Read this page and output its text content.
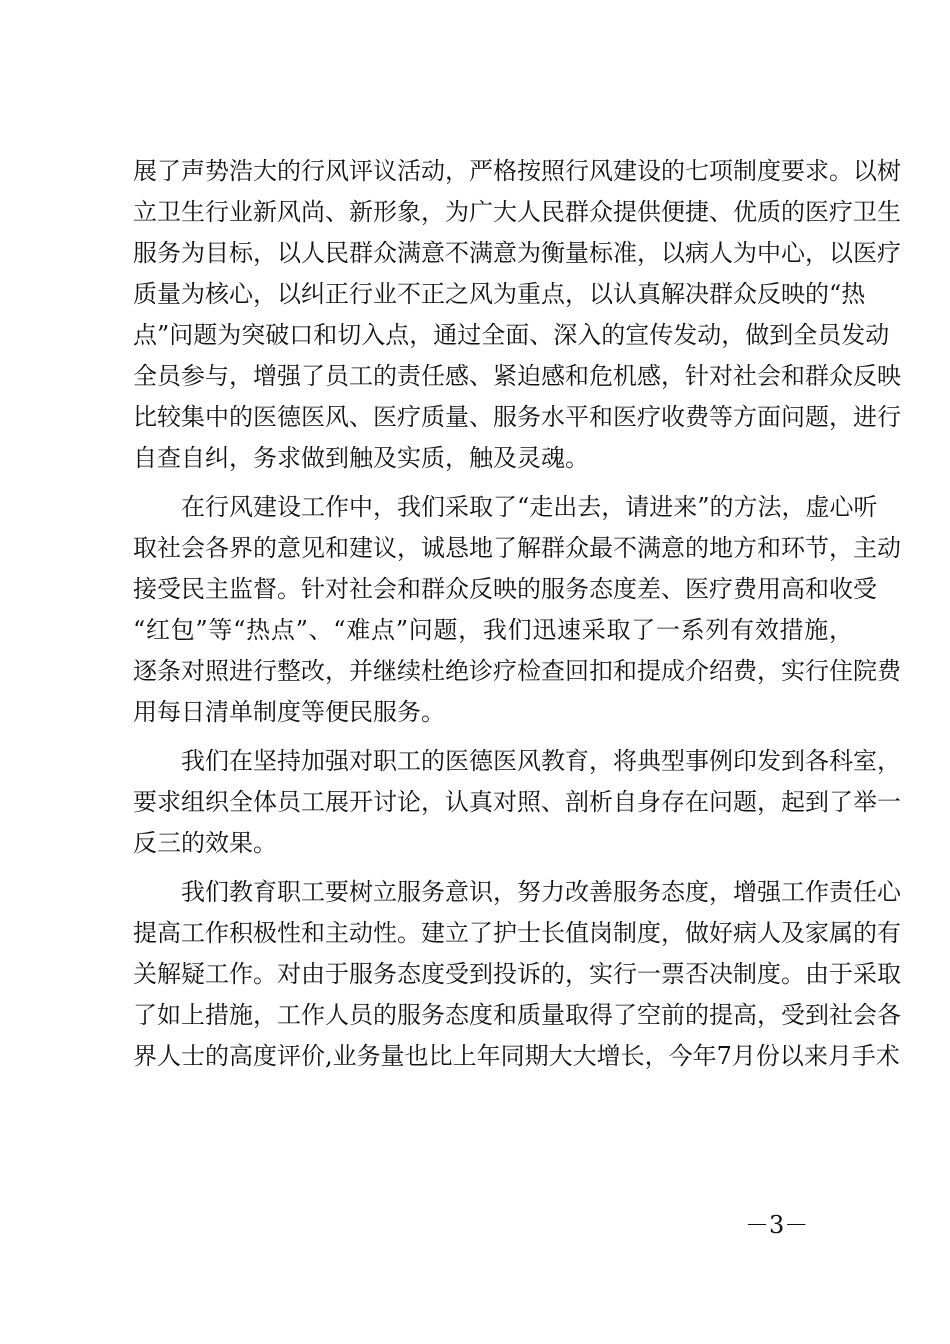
展了声势浩大的行风评议活动，严格按照行风建设的七项制度要求。以树
立卫生行业新风尚、新形象，为广大人民群众提供便捷、优质的医疗卫生
服务为目标，以人民群众满意不满意为衡量标准，以病人为中心，以医疗
质量为核心，以纠正行业不正之风为重点，以认真解决群众反映的“热
点”问题为突破口和切入点，通过全面、深入的宣传发动，做到全员发动
全员参与，增强了员工的责任感、紧迫感和危机感，针对社会和群众反映
比较集中的医德医风、医疗质量、服务水平和医疗收费等方面问题，进行
自查自纠，务求做到触及实质，触及灵魂。
在行风建设工作中，我们采取了“走出去，请进来”的方法，虚心听
取社会各界的意见和建议，诚恳地了解群众最不满意的地方和环节，主动
接受民主监督。针对社会和群众反映的服务态度差、医疗费用高和收受
“红包”等“热点”、“难点”问题，我们迅速采取了一系列有效措施，
逐条对照进行整改，并继续杜绝诊疗检查回扣和提成介绍费，实行住院费
用每日清单制度等便民服务。
我们在坚持加强对职工的医德医风教育，将典型事例印发到各科室，
要求组织全体员工展开讨论，认真对照、剖析自身存在问题，起到了举一
反三的效果。
我们教育职工要树立服务意识，努力改善服务态度，增强工作责任心
提高工作积极性和主动性。建立了护士长值岗制度，做好病人及家属的有
关解疑工作。对由于服务态度受到投诉的，实行一票否决制度。由于采取
了如上措施，工作人员的服务态度和质量取得了空前的提高，受到社会各
界人士的高度评价,业务量也比上年同期大大增长，今年7月份以来月手术
－3－
